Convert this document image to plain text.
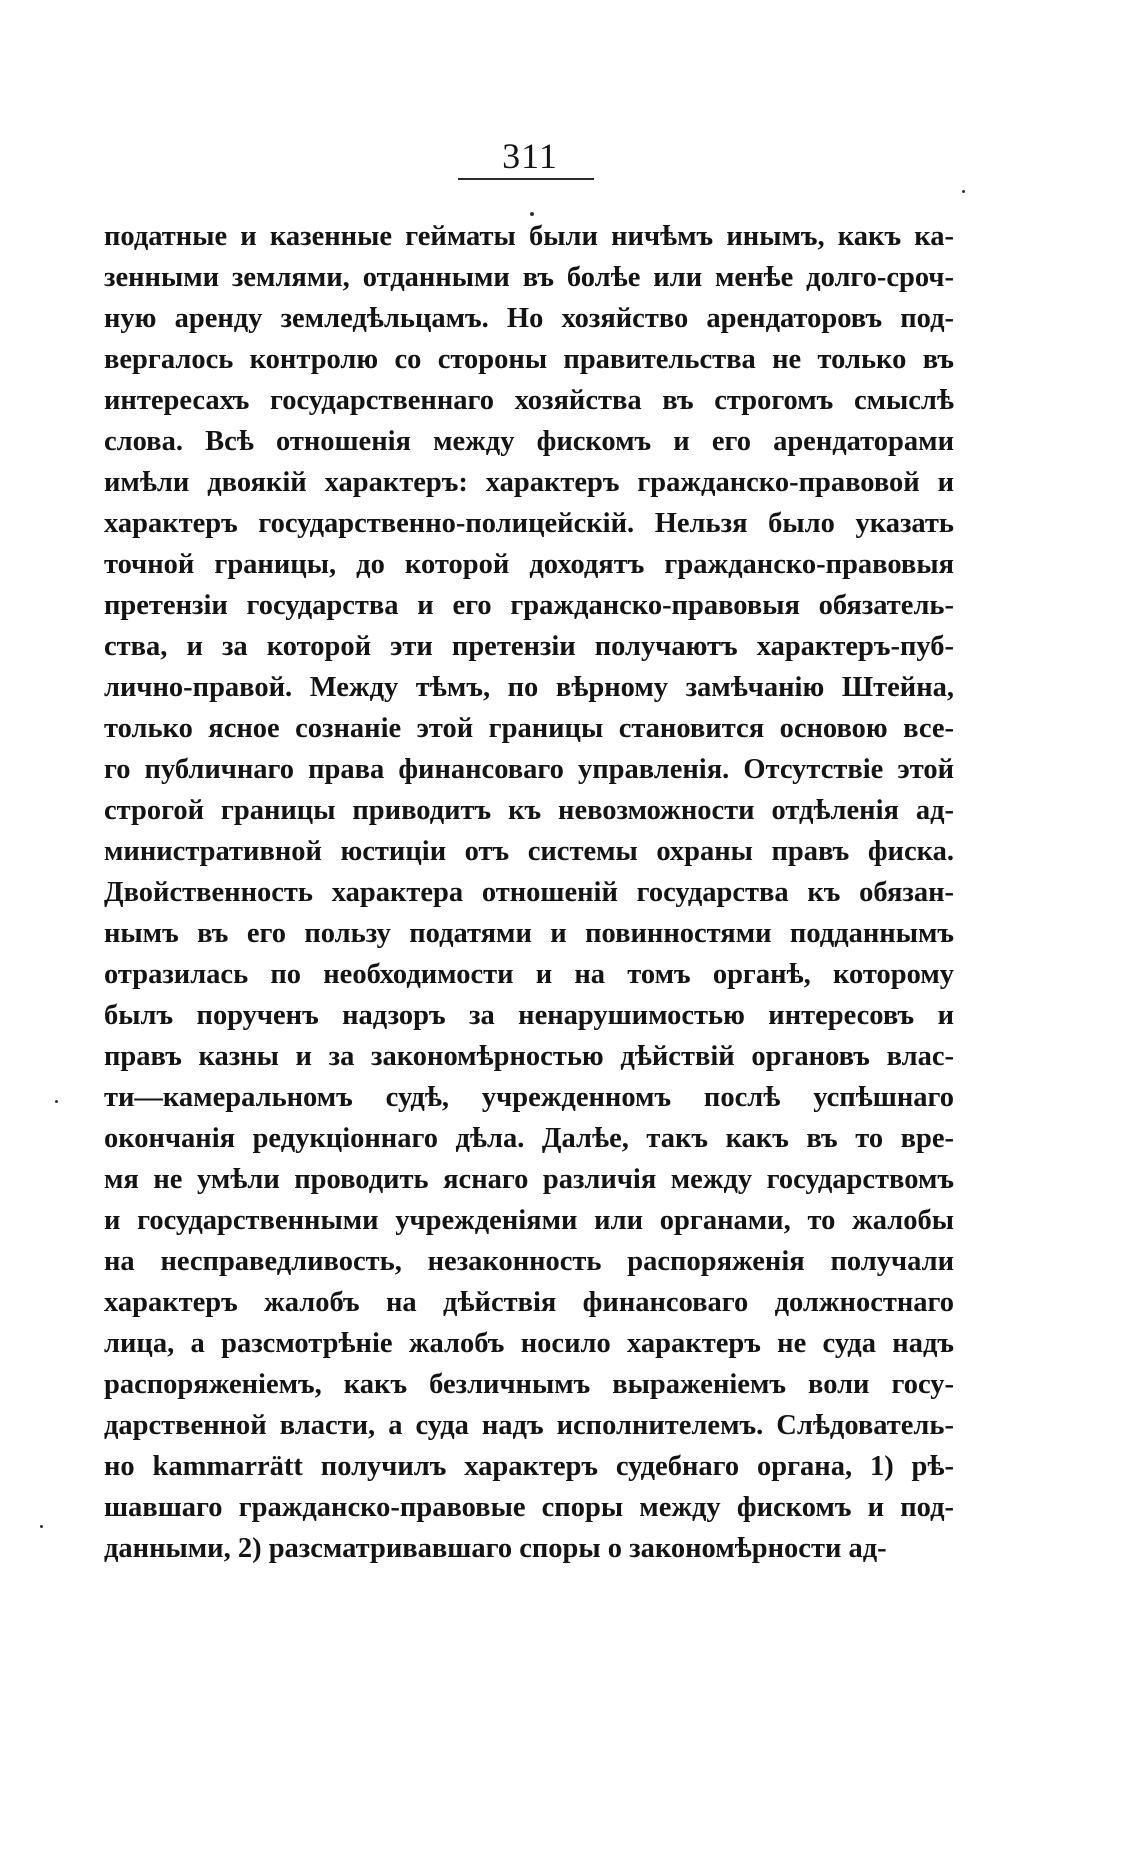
311
податные и казенные гейматы были ничѣмъ инымъ, какъ ка-
зенными землями, отданными въ болѣе или менѣе долго-сроч-
ную аренду земледѣльцамъ. Но хозяйство арендаторовъ под-
вергалось контролю со стороны правительства не только въ
интересахъ государственнаго хозяйства въ строгомъ смыслѣ
слова. Всѣ отношенія между фискомъ и его арендаторами
имѣли двоякій характеръ: характеръ гражданско-правовой и
характеръ государственно-полицейскій. Нельзя было указать
точной границы, до которой доходятъ гражданско-правовыя
претензіи государства и его гражданско-правовыя обязатель-
ства, и за которой эти претензіи получаютъ характеръ-пуб-
лично-правой. Между тѣмъ, по вѣрному замѣчанію Штейна,
только ясное сознаніе этой границы становится основою все-
го публичнаго права финансоваго управленія. Отсутствіе этой
строгой границы приводитъ къ невозможности отдѣленія ад-
министративной юстиціи отъ системы охраны правъ фиска.
Двойственность характера отношеній государства къ обязан-
нымъ въ его пользу податями и повинностями подданнымъ
отразилась по необходимости и на томъ органѣ, которому
былъ порученъ надзоръ за ненарушимостью интересовъ и
правъ казны и за закономѣрностью дѣйствій органовъ влас-
ти—камеральномъ судѣ, учрежденномъ послѣ успѣшнаго
окончанія редукціоннаго дѣла. Далѣе, такъ какъ въ то вре-
мя не умѣли проводить яснаго различія между государствомъ
и государственными учрежденіями или органами, то жалобы
на несправедливость, незаконность распоряженія получали
характеръ жалобъ на дѣйствія финансоваго должностнаго
лица, а разсмотрѣніе жалобъ носило характеръ не суда надъ
распоряженіемъ, какъ безличнымъ выраженіемъ воли госу-
дарственной власти, а суда надъ исполнителемъ. Слѣдователь-
но kammarrätt получилъ характеръ судебнаго органа, 1) рѣ-
шавшаго гражданско-правовые споры между фискомъ и под-
данными, 2) разсматривавшаго споры о закономѣрности ад-
